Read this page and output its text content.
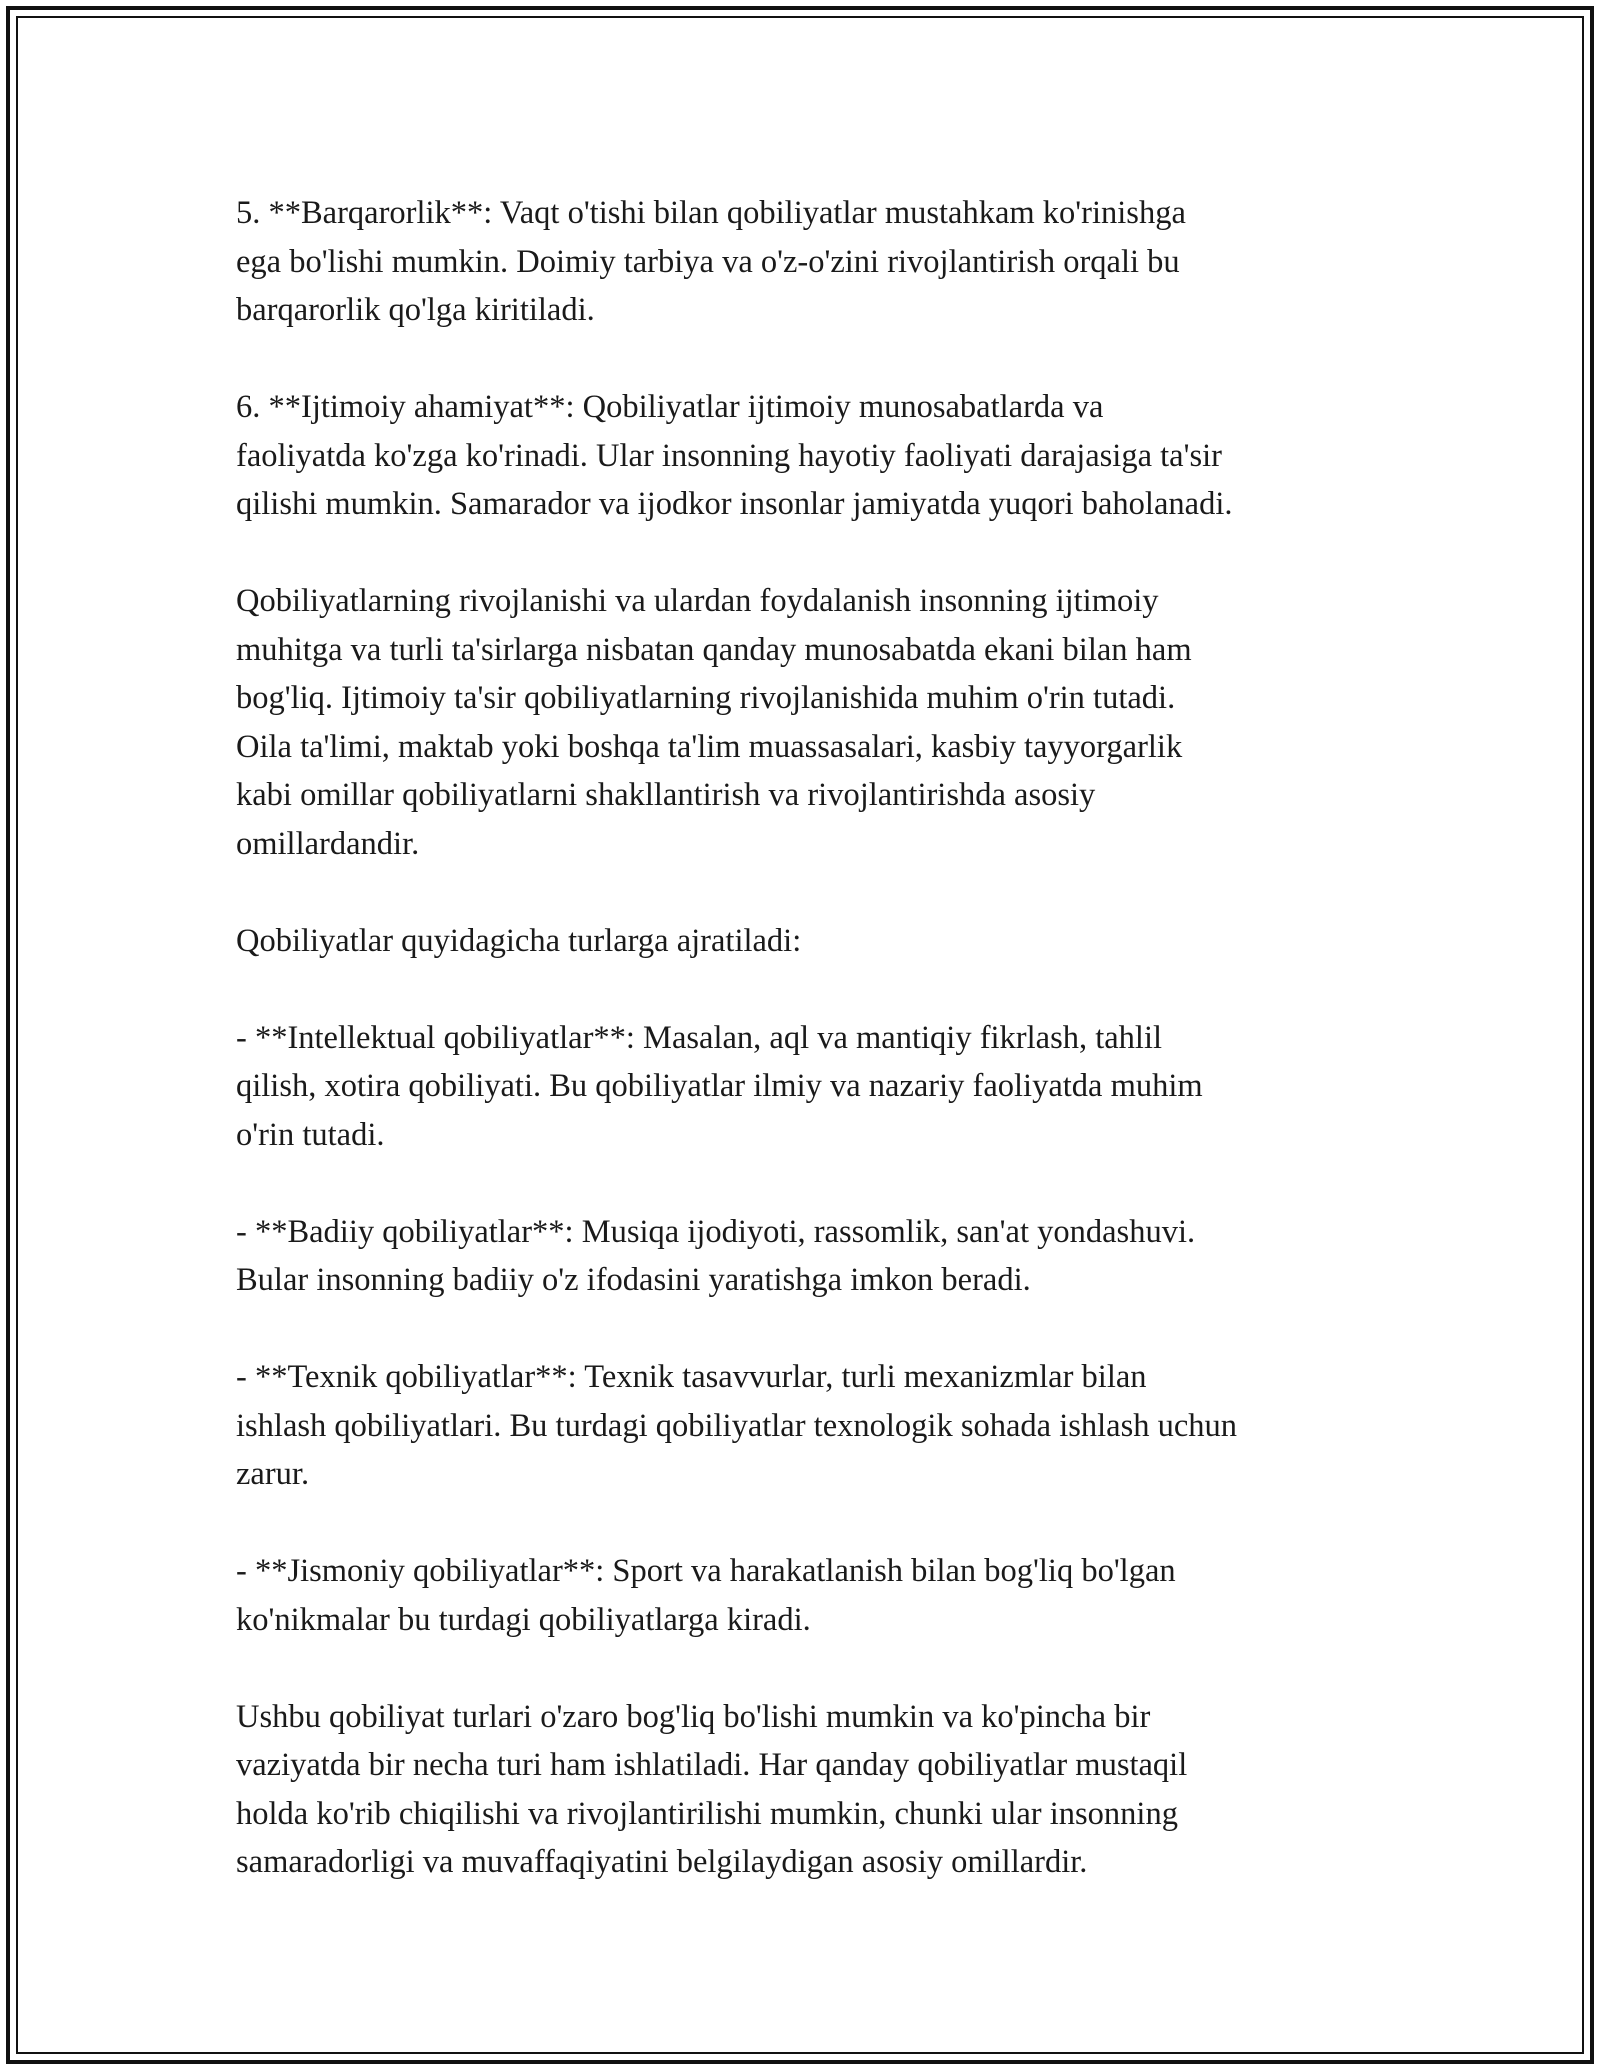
5. **Barqarorlik**: Vaqt o'tishi bilan qobiliyatlar mustahkam ko'rinishga
ega bo'lishi mumkin. Doimiy tarbiya va o'z-o'zini rivojlantirish orqali bu
barqarorlik qo'lga kiritiladi.

6. **Ijtimoiy ahamiyat**: Qobiliyatlar ijtimoiy munosabatlarda va
faoliyatda ko'zga ko'rinadi. Ular insonning hayotiy faoliyati darajasiga ta'sir
qilishi mumkin. Samarador va ijodkor insonlar jamiyatda yuqori baholanadi.

Qobiliyatlarning rivojlanishi va ulardan foydalanish insonning ijtimoiy
muhitga va turli ta'sirlarga nisbatan qanday munosabatda ekani bilan ham
bog'liq. Ijtimoiy ta'sir qobiliyatlarning rivojlanishida muhim o'rin tutadi.
Oila ta'limi, maktab yoki boshqa ta'lim muassasalari, kasbiy tayyorgarlik
kabi omillar qobiliyatlarni shakllantirish va rivojlantirishda asosiy
omillardandir.

Qobiliyatlar quyidagicha turlarga ajratiladi:

- **Intellektual qobiliyatlar**: Masalan, aql va mantiqiy fikrlash, tahlil
qilish, xotira qobiliyati. Bu qobiliyatlar ilmiy va nazariy faoliyatda muhim
o'rin tutadi.

- **Badiiy qobiliyatlar**: Musiqa ijodiyoti, rassomlik, san'at yondashuvi.
Bular insonning badiiy o'z ifodasini yaratishga imkon beradi.

- **Texnik qobiliyatlar**: Texnik tasavvurlar, turli mexanizmlar bilan
ishlash qobiliyatlari. Bu turdagi qobiliyatlar texnologik sohada ishlash uchun
zarur.

- **Jismoniy qobiliyatlar**: Sport va harakatlanish bilan bog'liq bo'lgan
ko'nikmalar bu turdagi qobiliyatlarga kiradi.

Ushbu qobiliyat turlari o'zaro bog'liq bo'lishi mumkin va ko'pincha bir
vaziyatda bir necha turi ham ishlatiladi. Har qanday qobiliyatlar mustaqil
holda ko'rib chiqilishi va rivojlantirilishi mumkin, chunki ular insonning
samaradorligi va muvaffaqiyatini belgilaydigan asosiy omillardir.
